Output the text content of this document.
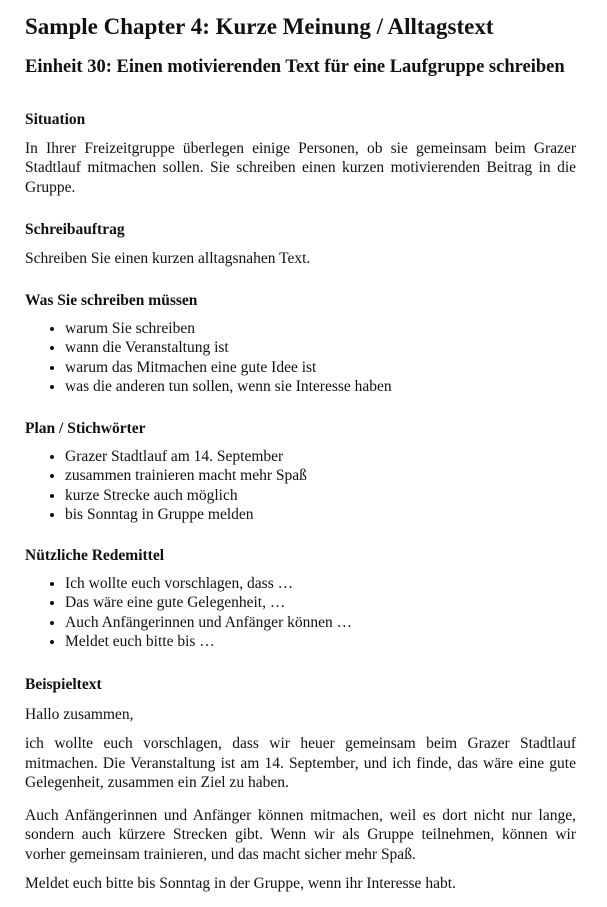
Sample Chapter 4: Kurze Meinung / Alltagstext
Einheit 30: Einen motivierenden Text für eine Laufgruppe schreiben
Situation

In Ihrer Freizeitgruppe überlegen einige Personen, ob sie gemeinsam beim Grazer Stadtlauf mitmachen sollen. Sie schreiben einen kurzen motivierenden Beitrag in die Gruppe.

Schreibauftrag

Schreiben Sie einen kurzen alltagsnahen Text.

Was Sie schreiben müssen
• warum Sie schreiben
• wann die Veranstaltung ist
• warum das Mitmachen eine gute Idee ist
• was die anderen tun sollen, wenn sie Interesse haben
Plan / Stichwörter
• Grazer Stadtlauf am 14. September
• zusammen trainieren macht mehr Spaß
• kurze Strecke auch möglich
• bis Sonntag in Gruppe melden
Nützliche Redemittel
• Ich wollte euch vorschlagen, dass …
• Das wäre eine gute Gelegenheit, …
• Auch Anfängerinnen und Anfänger können …
• Meldet euch bitte bis …
Beispieltext

Hallo zusammen,

ich wollte euch vorschlagen, dass wir heuer gemeinsam beim Grazer Stadtlauf mitmachen. Die Veranstaltung ist am 14. September, und ich finde, das wäre eine gute Gelegenheit, zusammen ein Ziel zu haben.

Auch Anfängerinnen und Anfänger können mitmachen, weil es dort nicht nur lange, sondern auch kürzere Strecken gibt. Wenn wir als Gruppe teilnehmen, können wir vorher gemeinsam trainieren, und das macht sicher mehr Spaß.

Meldet euch bitte bis Sonntag in der Gruppe, wenn ihr Interesse habt.
